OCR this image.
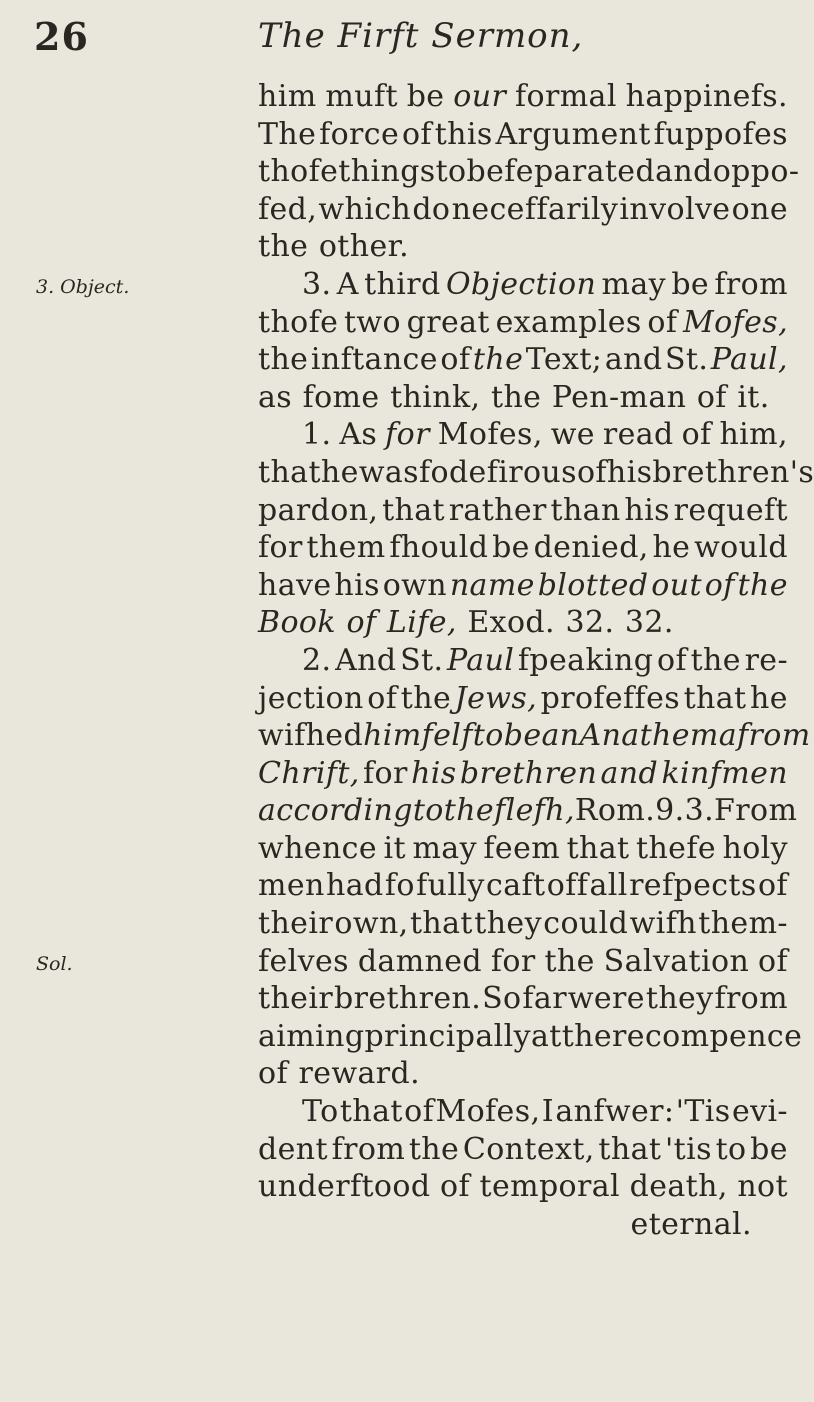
26	The Firft Sermon,
3. Object.
Sol.
him muft be our formal happinefs.
The force of this Argument fuppofes
thofe things to be feparated and oppo-
fed, which do neceffarily involve one
the other.
3. A third Objection may be from
thofe two great examples of Mofes,
the inftance of the Text; and St. Paul,
as fome think, the Pen-man of it.
1. As for Mofes, we read of him,
that he was fo defirous of his brethren's
pardon, that rather than his requeft
for them fhould be denied, he would
have his own name blotted out of the
Book of Life, Exod. 32. 32.
2. And St. Paul fpeaking of the re-
jection of the Jews, profeffes that he
wifhed himfelf to be an Anathema from
Chrift, for his brethren and kinfmen
according to the flefh, Rom. 9. 3. From
whence it may feem that thefe holy
men had fo fully caft off all refpects of
their own, that they could wifh them-
felves damned for the Salvation of
their brethren. So far were they from
aiming principally at the recompence
of reward.
To that of Mofes, I anfwer: 'Tis evi-
dent from the Context, that 'tis to be
underftood of temporal death, not
eternal.
